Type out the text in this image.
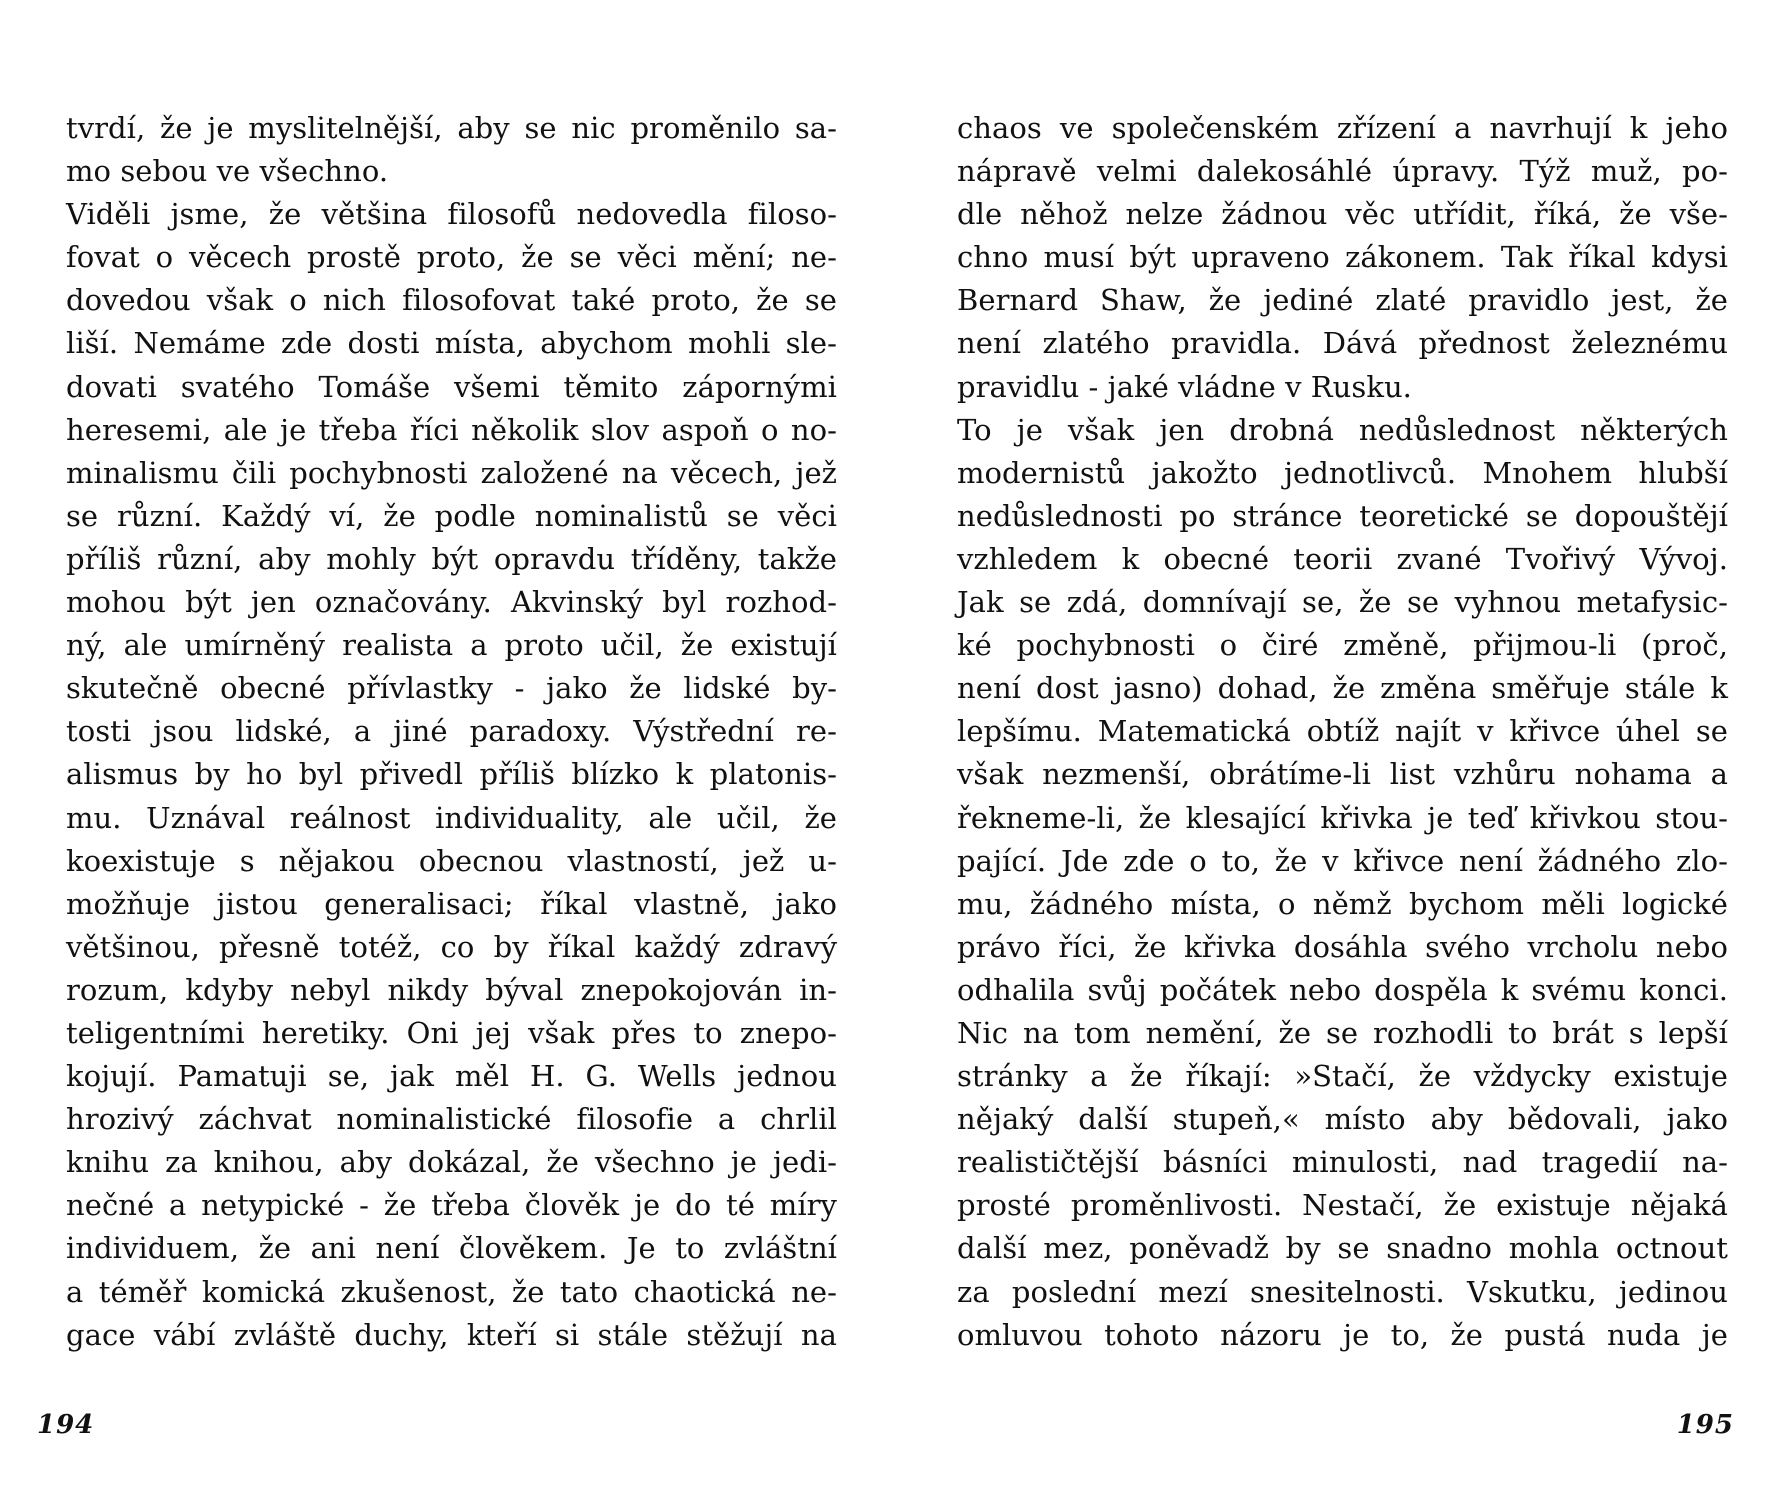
tvrdí, že je myslitelnější, aby se nic proměnilo sa-
mo sebou ve všechno.
Viděli jsme, že většina filosofů nedovedla filoso-
fovat o věcech prostě proto, že se věci mění; ne-
dovedou však o nich filosofovat také proto, že se
liší. Nemáme zde dosti místa, abychom mohli sle-
dovati svatého Tomáše všemi těmito zápornými
heresemi, ale je třeba říci několik slov aspoň o no-
minalismu čili pochybnosti založené na věcech, jež
se různí. Každý ví, že podle nominalistů se věci
příliš různí, aby mohly být opravdu tříděny, takže
mohou být jen označovány. Akvinský byl rozhod-
ný, ale umírněný realista a proto učil, že existují
skutečně obecné přívlastky - jako že lidské by-
tosti jsou lidské, a jiné paradoxy. Výstřední re-
alismus by ho byl přivedl příliš blízko k platonis-
mu. Uznával reálnost individuality, ale učil, že
koexistuje s nějakou obecnou vlastností, jež u-
možňuje jistou generalisaci; říkal vlastně, jako
většinou, přesně totéž, co by říkal každý zdravý
rozum, kdyby nebyl nikdy býval znepokojován in-
teligentními heretiky. Oni jej však přes to znepo-
kojují. Pamatuji se, jak měl H. G. Wells jednou
hrozivý záchvat nominalistické filosofie a chrlil
knihu za knihou, aby dokázal, že všechno je jedi-
nečné a netypické - že třeba člověk je do té míry
individuem, že ani není člověkem. Je to zvláštní
a téměř komická zkušenost, že tato chaotická ne-
gace vábí zvláště duchy, kteří si stále stěžují na
194
chaos ve společenském zřízení a navrhují k jeho
nápravě velmi dalekosáhlé úpravy. Týž muž, po-
dle něhož nelze žádnou věc utřídit, říká, že vše-
chno musí být upraveno zákonem. Tak říkal kdysi
Bernard Shaw, že jediné zlaté pravidlo jest, že
není zlatého pravidla. Dává přednost železnému
pravidlu - jaké vládne v Rusku.
To je však jen drobná nedůslednost některých
modernistů jakožto jednotlivců. Mnohem hlubší
nedůslednosti po stránce teoretické se dopouštějí
vzhledem k obecné teorii zvané Tvořivý Vývoj.
Jak se zdá, domnívají se, že se vyhnou metafysic-
ké pochybnosti o čiré změně, přijmou-li (proč,
není dost jasno) dohad, že změna směřuje stále k
lepšímu. Matematická obtíž najít v křivce úhel se
však nezmenší, obrátíme-li list vzhůru nohama a
řekneme-li, že klesající křivka je teď křivkou stou-
pající. Jde zde o to, že v křivce není žádného zlo-
mu, žádného místa, o němž bychom měli logické
právo říci, že křivka dosáhla svého vrcholu nebo
odhalila svůj počátek nebo dospěla k svému konci.
Nic na tom nemění, že se rozhodli to brát s lepší
stránky a že říkají: »Stačí, že vždycky existuje
nějaký další stupeň,« místo aby bědovali, jako
realističtější básníci minulosti, nad tragedií na-
prosté proměnlivosti. Nestačí, že existuje nějaká
další mez, poněvadž by se snadno mohla octnout
za poslední mezí snesitelnosti. Vskutku, jedinou
omluvou tohoto názoru je to, že pustá nuda je
195
